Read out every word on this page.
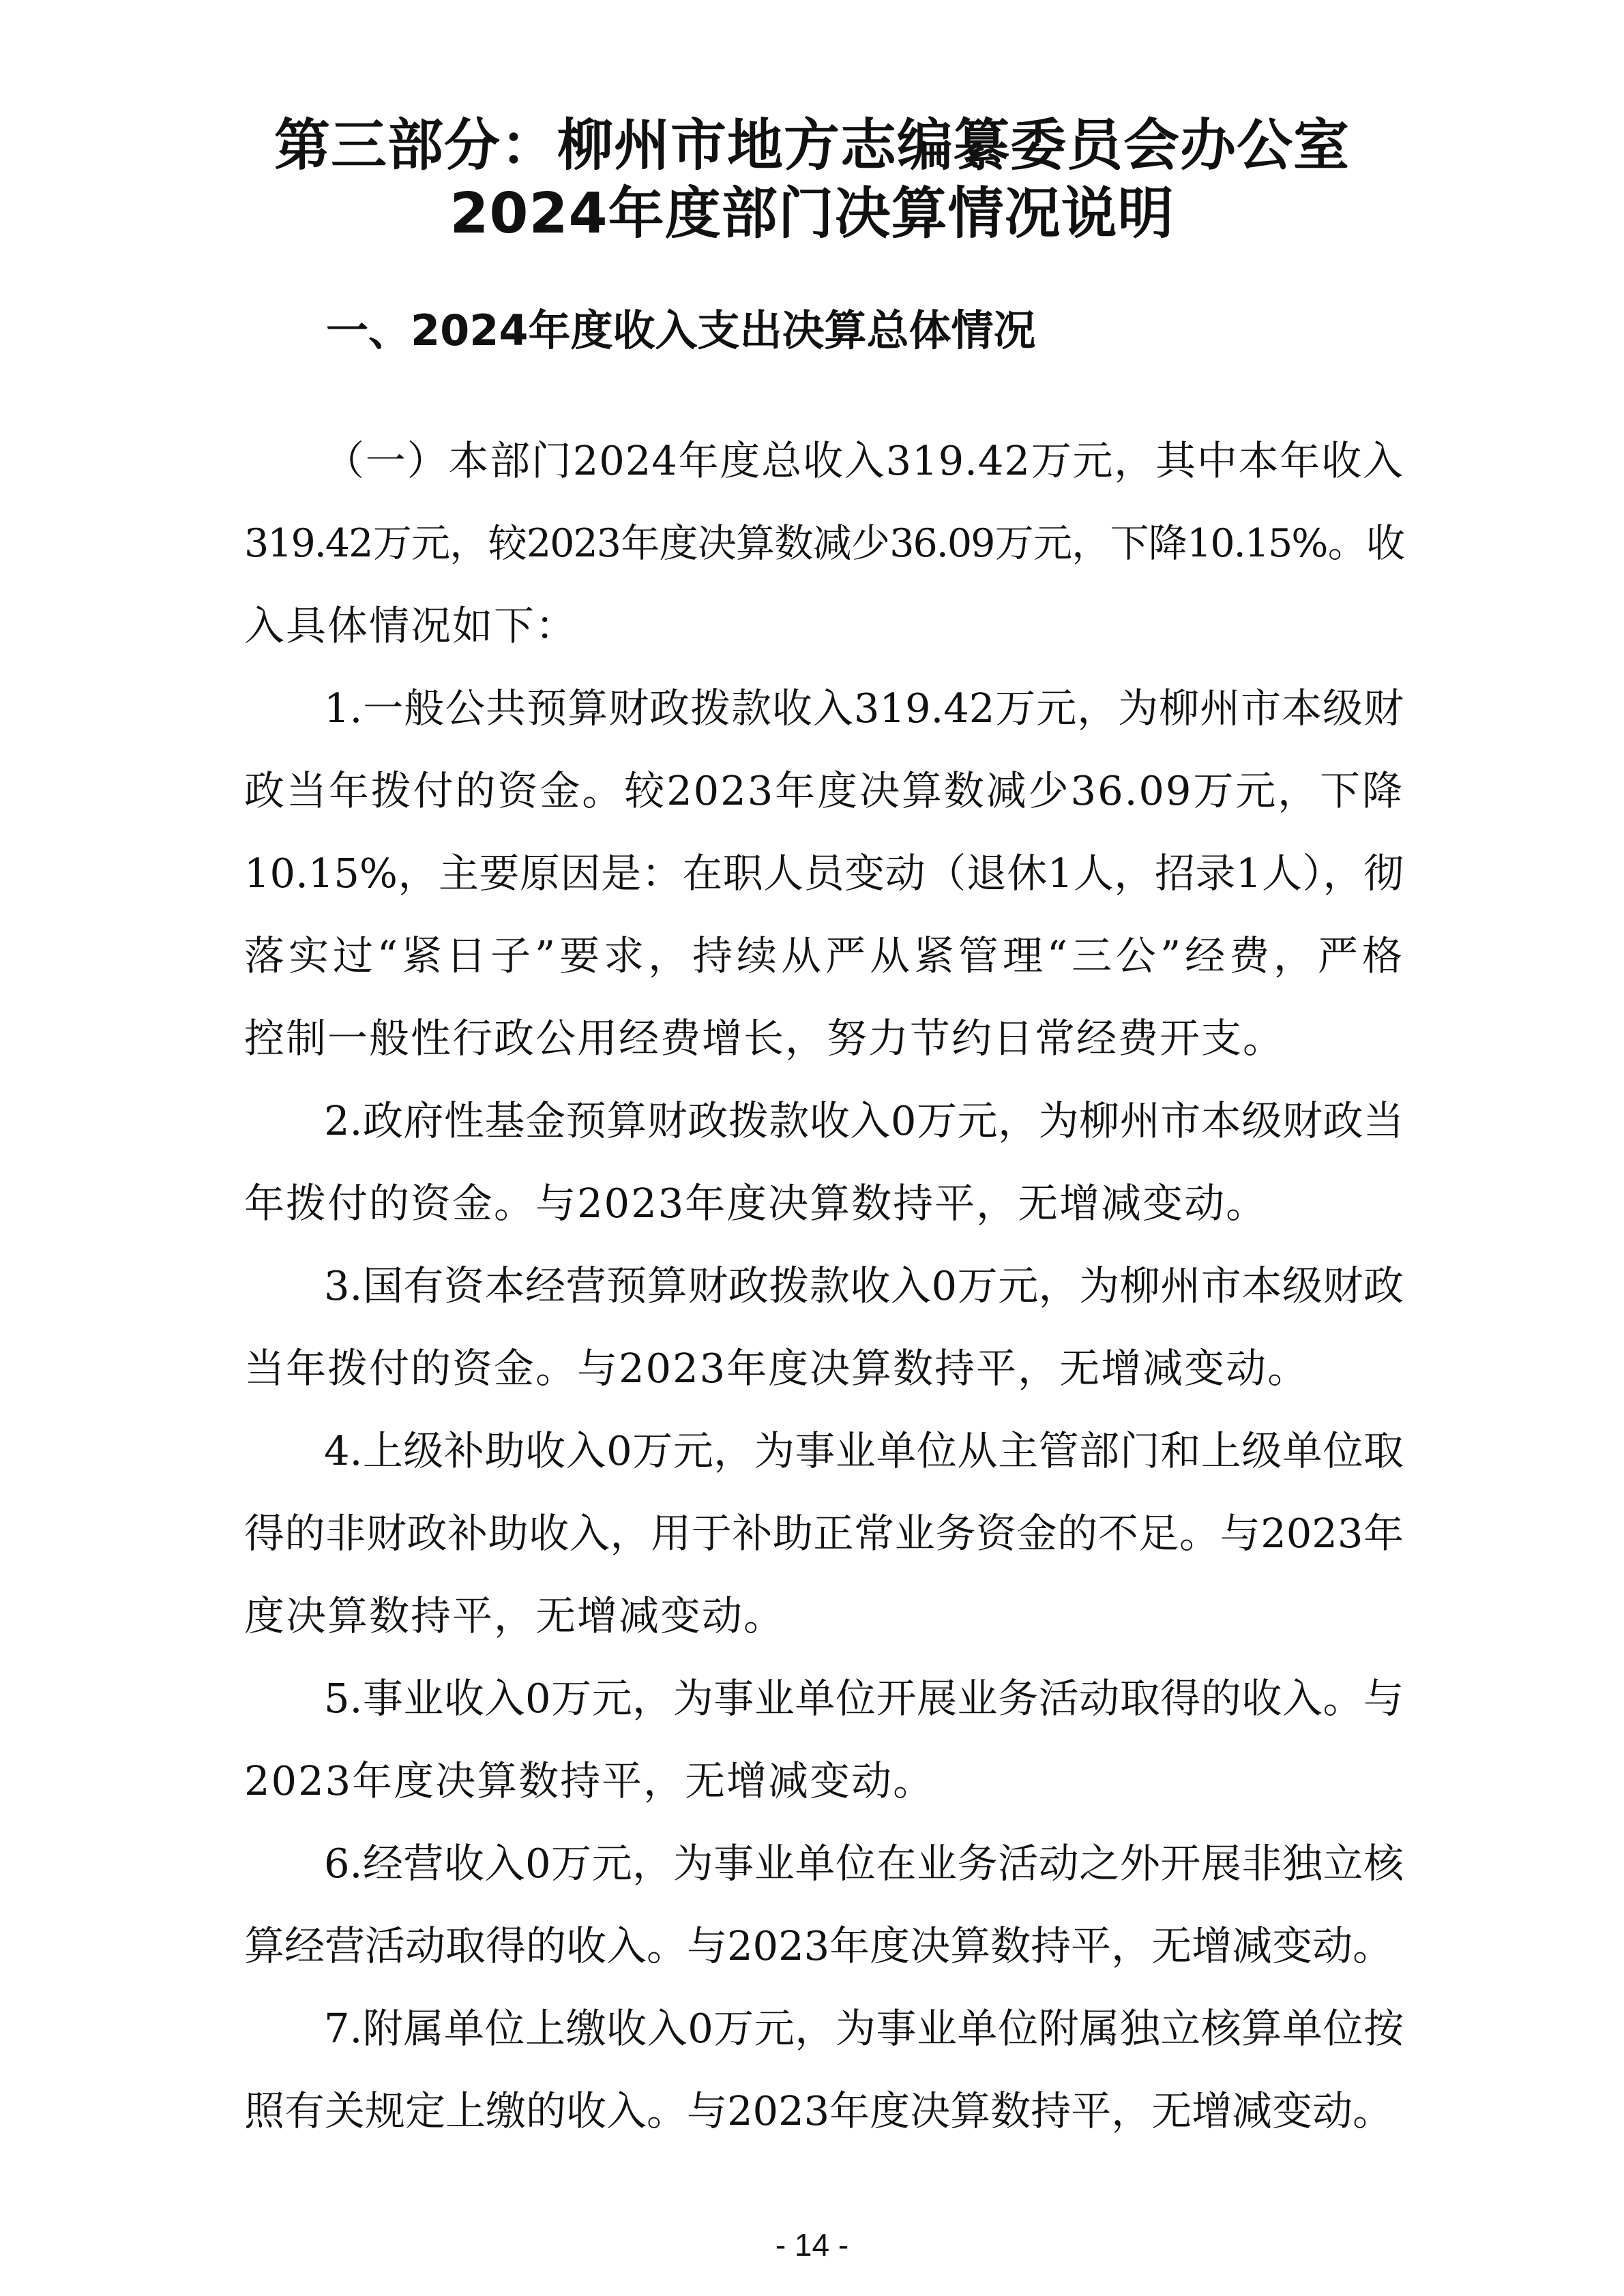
第三部分：柳州市地方志编纂委员会办公室
2024年度部门决算情况说明
一、2024年度收入支出决算总体情况
（一）本部门2024年度总收入319.42万元，其中本年收入
319.42万元，较2023年度决算数减少36.09万元，下降10.15%。收
入具体情况如下：
1.一般公共预算财政拨款收入319.42万元，为柳州市本级财
政当年拨付的资金。较2023年度决算数减少36.09万元，下降
10.15%，主要原因是：在职人员变动（退休1人，招录1人），彻
落实过“紧日子”要求，持续从严从紧管理“三公”经费，严格
控制一般性行政公用经费增长，努力节约日常经费开支。
2.政府性基金预算财政拨款收入0万元，为柳州市本级财政当
年拨付的资金。与2023年度决算数持平，无增减变动。
3.国有资本经营预算财政拨款收入0万元，为柳州市本级财政
当年拨付的资金。与2023年度决算数持平，无增减变动。
4.上级补助收入0万元，为事业单位从主管部门和上级单位取
得的非财政补助收入，用于补助正常业务资金的不足。与2023年
度决算数持平，无增减变动。
5.事业收入0万元，为事业单位开展业务活动取得的收入。与
2023年度决算数持平，无增减变动。
6.经营收入0万元，为事业单位在业务活动之外开展非独立核
算经营活动取得的收入。与2023年度决算数持平，无增减变动。
7.附属单位上缴收入0万元，为事业单位附属独立核算单位按
照有关规定上缴的收入。与2023年度决算数持平，无增减变动。
- 14 -
